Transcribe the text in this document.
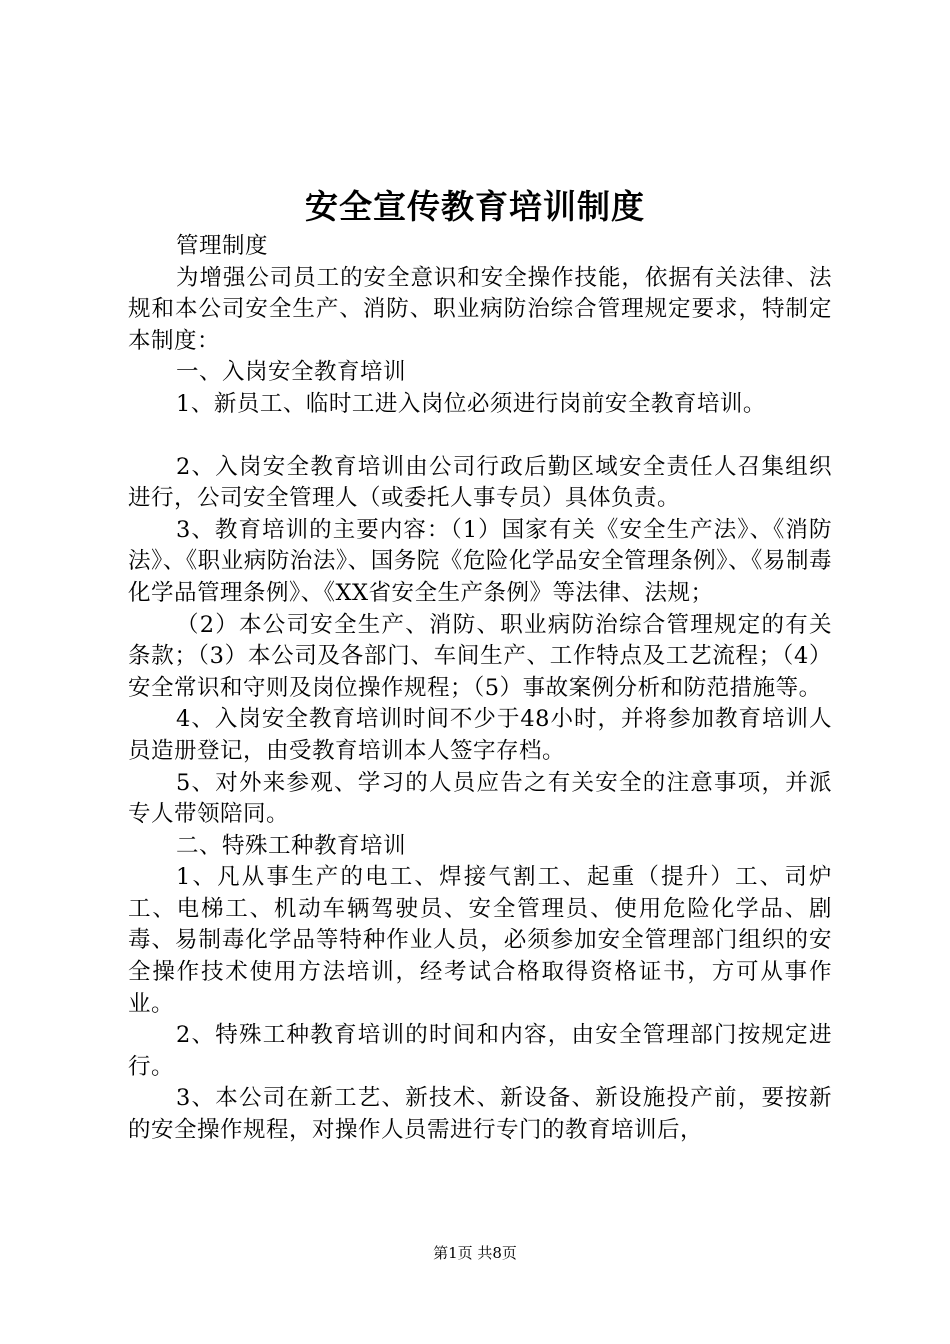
安全宣传教育培训制度

管理制度

为增强公司员工的安全意识和安全操作技能，依据有关法律、法规和本公司安全生产、消防、职业病防治综合管理规定要求，特制定本制度：

一、入岗安全教育培训

1、新员工、临时工进入岗位必须进行岗前安全教育培训。

2、入岗安全教育培训由公司行政后勤区域安全责任人召集组织进行，公司安全管理人（或委托人事专员）具体负责。

3、教育培训的主要内容：（1）国家有关《安全生产法》、《消防法》、《职业病防治法》、国务院《危险化学品安全管理条例》、《易制毒化学品管理条例》、《XX省安全生产条例》等法律、法规；

（2）本公司安全生产、消防、职业病防治综合管理规定的有关条款；（3）本公司及各部门、车间生产、工作特点及工艺流程；（4）安全常识和守则及岗位操作规程；（5）事故案例分析和防范措施等。

4、入岗安全教育培训时间不少于48小时，并将参加教育培训人员造册登记，由受教育培训本人签字存档。

5、对外来参观、学习的人员应告之有关安全的注意事项，并派专人带领陪同。

二、特殊工种教育培训

1、凡从事生产的电工、焊接气割工、起重（提升）工、司炉工、电梯工、机动车辆驾驶员、安全管理员、使用危险化学品、剧毒、易制毒化学品等特种作业人员，必须参加安全管理部门组织的安全操作技术使用方法培训，经考试合格取得资格证书，方可从事作业。

2、特殊工种教育培训的时间和内容，由安全管理部门按规定进行。

3、本公司在新工艺、新技术、新设备、新设施投产前，要按新的安全操作规程，对操作人员需进行专门的教育培训后，

第1页 共8页
